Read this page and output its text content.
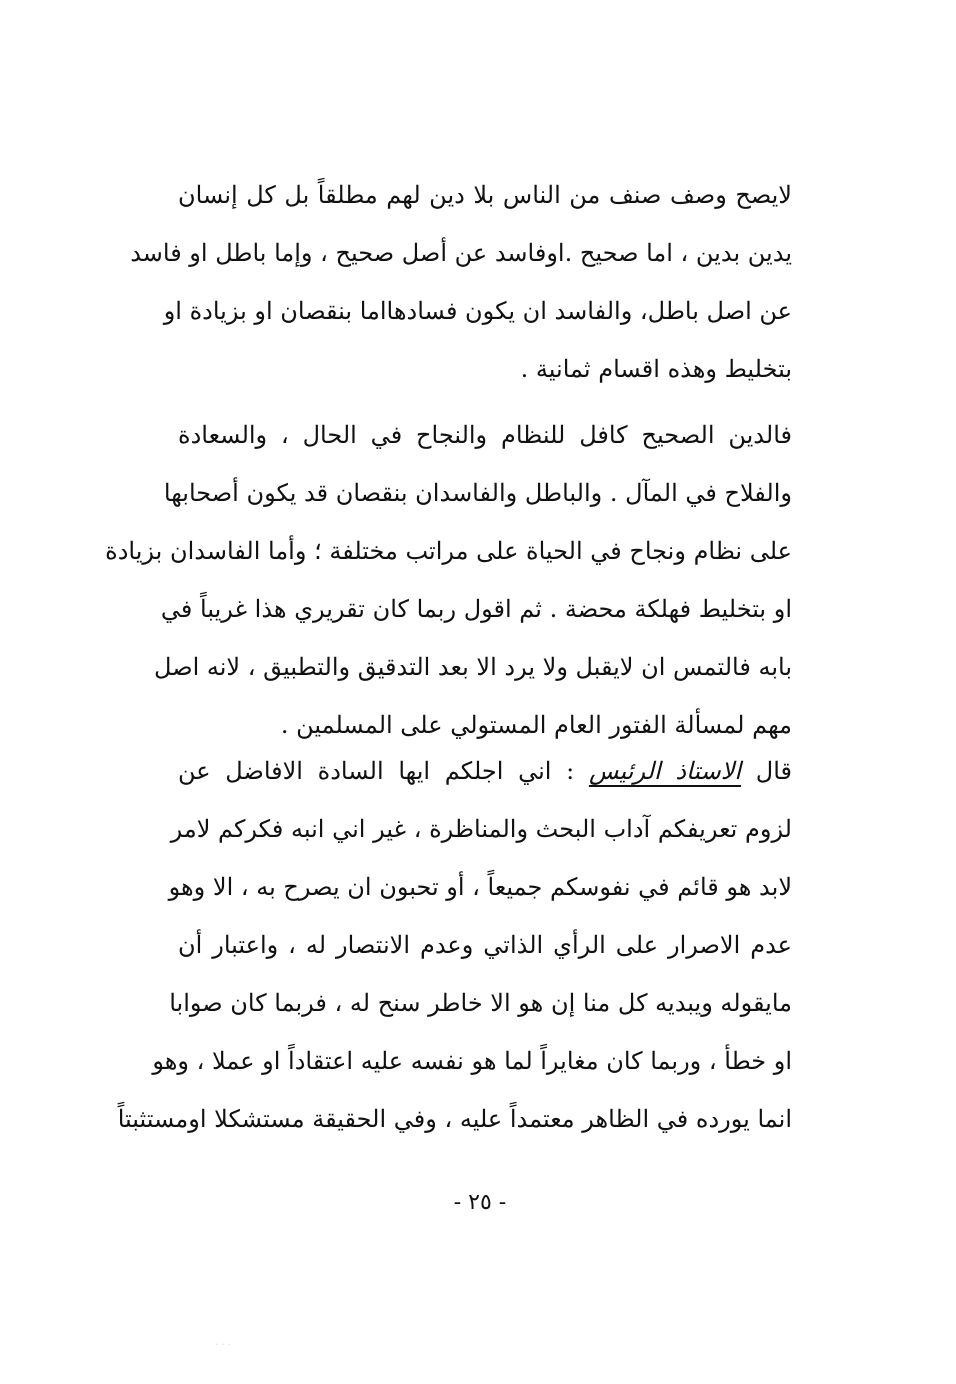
لايصح وصف صنف من الناس بلا دين لهم مطلقاً بل كل إنسان
يدين بدين ، اما صحيح .اوفاسد عن أصل صحيح ، وإما باطل او فاسد
عن اصل باطل، والفاسد ان يكون فسادهااما بنقصان او بزيادة او
بتخليط وهذه اقسام ثمانية .
فالدين الصحيح كافل للنظام والنجاح في الحال ، والسعادة
والفلاح في المآل . والباطل والفاسدان بنقصان قد يكون أصحابها
على نظام ونجاح في الحياة على مراتب مختلفة ؛ وأما الفاسدان بزيادة
او بتخليط فهلكة محضة . ثم اقول ربما كان تقريري هذا غريباً في
بابه فالتمس ان لايقبل ولا يرد الا بعد التدقيق والتطبيق ، لانه اصل
مهم لمسألة الفتور العام المستولي على المسلمين .
قال الاستاذ الرئيس : اني اجلكم ايها السادة الافاضل عن
لزوم تعريفكم آداب البحث والمناظرة ، غير اني انبه فكركم لامر
لابد هو قائم في نفوسكم جميعاً ، أو تحبون ان يصرح به ، الا وهو
عدم الاصرار على الرأي الذاتي وعدم الانتصار له ، واعتبار أن
مايقوله ويبديه كل منا إن هو الا خاطر سنح له ، فربما كان صوابا
او خطأ ، وربما كان مغايراً لما هو نفسه عليه اعتقاداً او عملا ، وهو
انما يورده في الظاهر معتمداً عليه ، وفي الحقيقة مستشكلا اومستثبتاً
- ٢٥ -
· · ·
